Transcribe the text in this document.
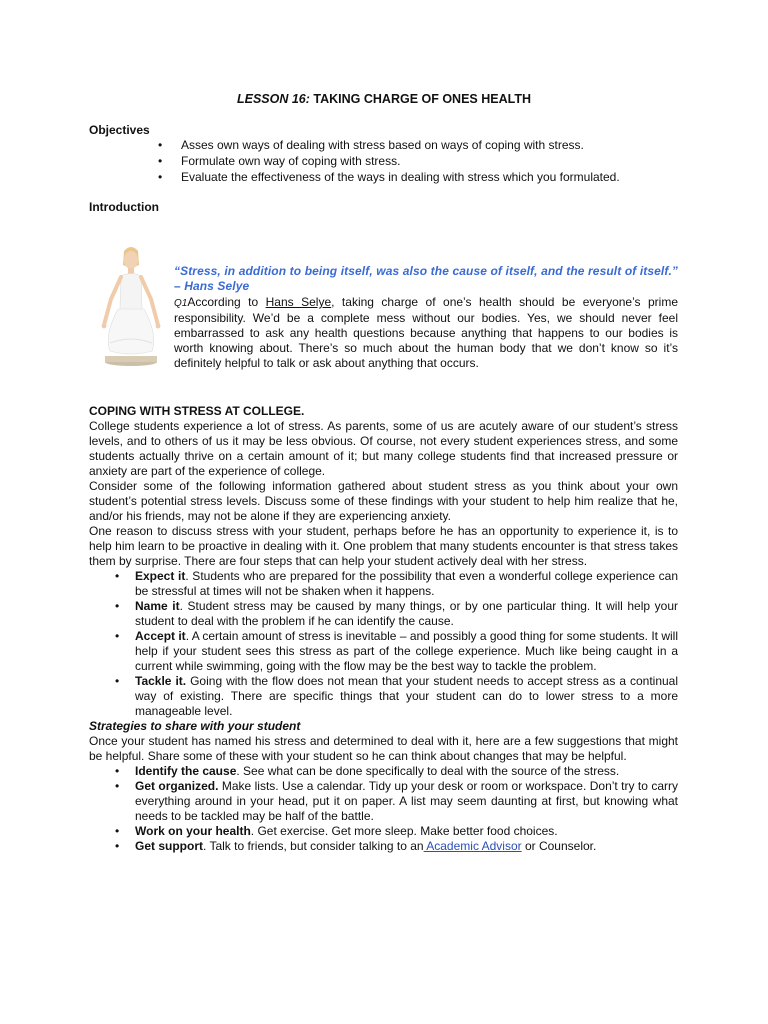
LESSON 16: TAKING CHARGE OF ONES HEALTH
Objectives
• Asses own ways of dealing with stress based on ways of coping with stress.
• Formulate own way of coping with stress.
• Evaluate the effectiveness of the ways in dealing with stress which you formulated.
Introduction
“Stress, in addition to being itself, was also the cause of itself, and the result of itself.” – Hans Selye
Q1According to Hans Selye, taking charge of one’s health should be everyone’s prime responsibility. We’d be a complete mess without our bodies. Yes, we should never feel embarrassed to ask any health questions because anything that happens to our bodies is worth knowing about. There’s so much about the human body that we don’t know so it’s definitely helpful to talk or ask about anything that occurs.

COPING WITH STRESS AT COLLEGE.

College students experience a lot of stress. As parents, some of us are acutely aware of our student’s stress levels, and to others of us it may be less obvious. Of course, not every student experiences stress, and some students actually thrive on a certain amount of it; but many college students find that increased pressure or anxiety are part of the experience of college.

Consider some of the following information gathered about student stress as you think about your own student’s potential stress levels. Discuss some of these findings with your student to help him realize that he, and/or his friends, may not be alone if they are experiencing anxiety.

One reason to discuss stress with your student, perhaps before he has an opportunity to experience it, is to help him learn to be proactive in dealing with it. One problem that many students encounter is that stress takes them by surprise. There are four steps that can help your student actively deal with her stress.

• Expect it. Students who are prepared for the possibility that even a wonderful college experience can be stressful at times will not be shaken when it happens.
• Name it. Student stress may be caused by many things, or by one particular thing. It will help your student to deal with the problem if he can identify the cause.
• Accept it. A certain amount of stress is inevitable – and possibly a good thing for some students. It will help if your student sees this stress as part of the college experience. Much like being caught in a current while swimming, going with the flow may be the best way to tackle the problem.
• Tackle it. Going with the flow does not mean that your student needs to accept stress as a continual way of existing. There are specific things that your student can do to lower stress to a more manageable level.

Strategies to share with your student

Once your student has named his stress and determined to deal with it, here are a few suggestions that might be helpful. Share some of these with your student so he can think about changes that may be helpful.

• Identify the cause. See what can be done specifically to deal with the source of the stress.
• Get organized. Make lists. Use a calendar. Tidy up your desk or room or workspace. Don’t try to carry everything around in your head, put it on paper. A list may seem daunting at first, but knowing what needs to be tackled may be half of the battle.
• Work on your health. Get exercise. Get more sleep. Make better food choices.
• Get support. Talk to friends, but consider talking to an Academic Advisor or Counselor.
